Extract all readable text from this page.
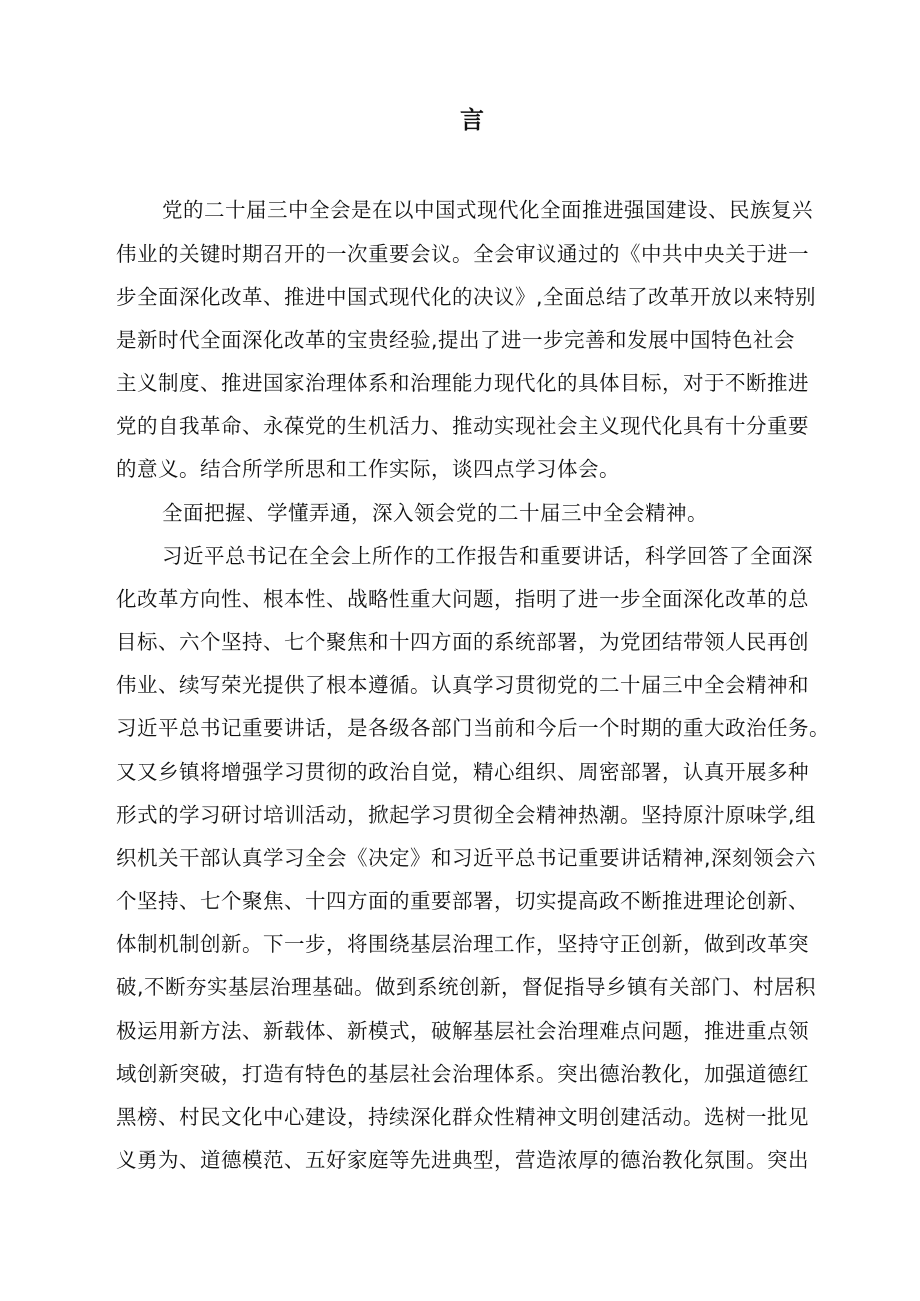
言
党的二十届三中全会是在以中国式现代化全面推进强国建设、民族复兴
伟业的关键时期召开的一次重要会议。全会审议通过的《中共中央关于进一
步全面深化改革、推进中国式现代化的决议》,全面总结了改革开放以来特别
是新时代全面深化改革的宝贵经验,提出了进一步完善和发展中国特色社会
主义制度、推进国家治理体系和治理能力现代化的具体目标，对于不断推进
党的自我革命、永葆党的生机活力、推动实现社会主义现代化具有十分重要
的意义。结合所学所思和工作实际，谈四点学习体会。
全面把握、学懂弄通，深入领会党的二十届三中全会精神。
习近平总书记在全会上所作的工作报告和重要讲话，科学回答了全面深
化改革方向性、根本性、战略性重大问题，指明了进一步全面深化改革的总
目标、六个坚持、七个聚焦和十四方面的系统部署，为党团结带领人民再创
伟业、续写荣光提供了根本遵循。认真学习贯彻党的二十届三中全会精神和
习近平总书记重要讲话，是各级各部门当前和今后一个时期的重大政治任务。
又又乡镇将增强学习贯彻的政治自觉，精心组织、周密部署，认真开展多种
形式的学习研讨培训活动，掀起学习贯彻全会精神热潮。坚持原汁原味学,组
织机关干部认真学习全会《决定》和习近平总书记重要讲话精神,深刻领会六
个坚持、七个聚焦、十四方面的重要部署，切实提高政不断推进理论创新、
体制机制创新。下一步，将围绕基层治理工作，坚持守正创新，做到改革突
破,不断夯实基层治理基础。做到系统创新，督促指导乡镇有关部门、村居积
极运用新方法、新载体、新模式，破解基层社会治理难点问题，推进重点领
域创新突破，打造有特色的基层社会治理体系。突出德治教化，加强道德红
黑榜、村民文化中心建设，持续深化群众性精神文明创建活动。选树一批见
义勇为、道德模范、五好家庭等先进典型，营造浓厚的德治教化氛围。突出
